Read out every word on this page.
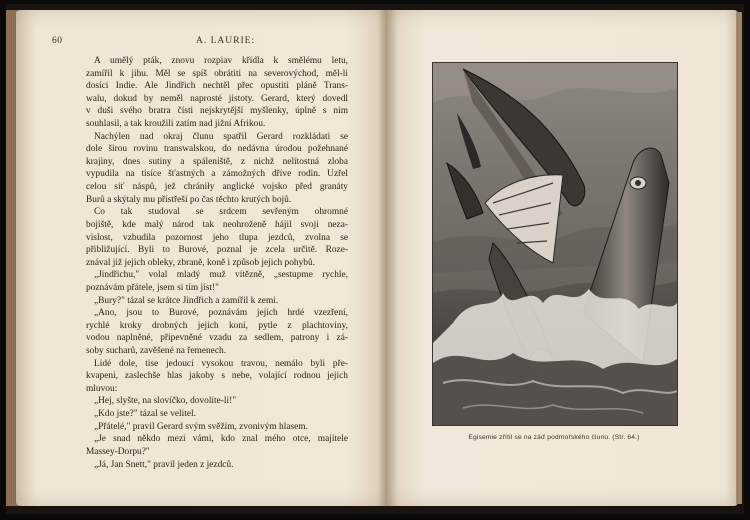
60	A. LAURIE:
A umělý pták, znovu rozpiav křídla k smělému letu,
zamířil k jihu. Měl se spíš obrátiti na severovýchod, měl-li
dosíci Indie. Ale Jindřich nechtěl přec opustiti pláně Trans-
walu, dokud by neměl naprosté jistoty. Gerard, který dovedl
v duši svého bratra čísti nejskrytější myšlenky, úplně s ním
souhlasil, a tak kroužili zatím nad jižní Afrikou.
Nachýlen nad okraj člunu spatřil Gerard rozkládati se
dole širou rovinu transwalskou, do nedávna úrodou požehnané
krajiny, dnes sutiny a spáleniště, z nichž nelítostná zloba
vypudila na tisíce šťastných a zámožných dříve rodin. Uzřel
celou síť náspů, jež chrániły anglické vojsko před granáty
Burů a skýtaly mu přístřeší po čas těchto krutých bojů.
Co tak studoval se srdcem sevřeným ohromné
bojiště, kde malý národ tak neohroženě hájil svoji neza-
vislost, vzbudila pozornost jeho tlupa jezdců, zvolna se
přibližující. Byli to Burové, poznal je zcela určitě. Roze-
znával již jejich obleky, zbraně, koně i způsob jejich pohybů.
„Jindřichu," volal mladý muž vítězně, „sestupme rychle,
poznávám přátele, jsem si tím jist!"
„Bury?" tázal se krátce Jindřich a zamířil k zemi.
„Ano, jsou to Burové, poznávám jejich hrdé vzezření,
rychlé kroky drobných jejich koní, pytle z plachtoviny,
vodou naplněné, připevněné vzadu za sedlem, patrony i zá-
soby sucharů, zavěšené na řemenech.
Lidé dole, tise jedoucí vysokou travou, nemálo byli pře-
kvapeni, zaslechše hlas jakoby s nebe, volající rodnou jejich
mluvou:
„Hej, slyšte, na slovíčko, dovolíte-li!"
„Kdo jste?" tázal se velitel.
„Přátelé," pravil Gerard svým svěžím, zvonivým hlasem.
„Je snad někdo mezi vámi, kdo znal mého otce, majitele
Massey-Dorpu?"
„Já, Jan Snett," pravil jeden z jezdců.
Egisemie zřítil se na záď podmořského člunu. (Str. 64.)
